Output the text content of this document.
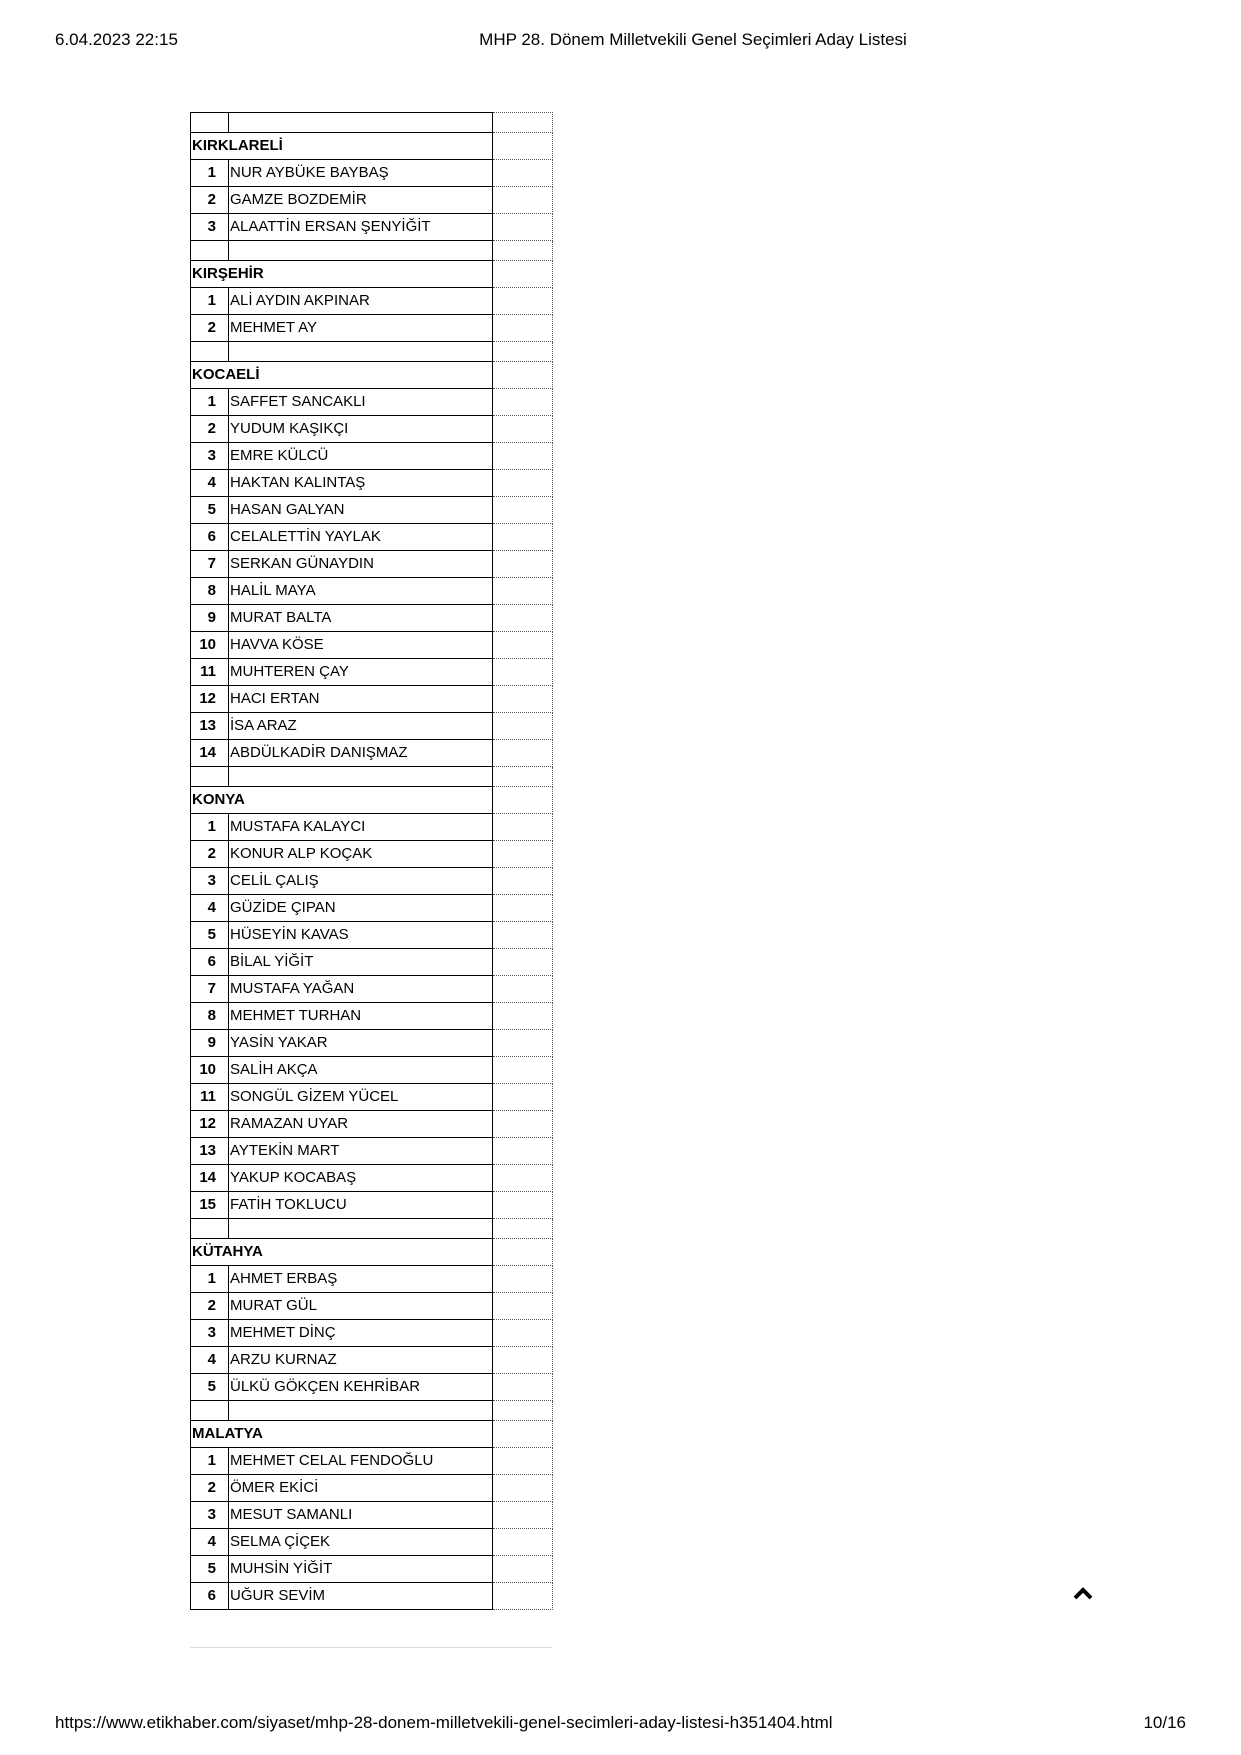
6.04.2023 22:15	MHP 28. Dönem Milletvekili Genel Seçimleri Aday Listesi

KIRKLARELİ		
1	NUR AYBÜKE BAYBAŞ	
2	GAMZE BOZDEMİR	
3	ALAATTİN ERSAN ŞENYİĞİT	

KIRŞEHİR		
1	ALİ AYDIN AKPINAR	
2	MEHMET AY	

KOCAELİ		
1	SAFFET SANCAKLI	
2	YUDUM KAŞIKÇI	
3	EMRE KÜLCÜ	
4	HAKTAN KALINTAŞ	
5	HASAN GALYAN	
6	CELALETTİN YAYLAK	
7	SERKAN GÜNAYDIN	
8	HALİL MAYA	
9	MURAT BALTA	
10	HAVVA KÖSE	
11	MUHTEREN ÇAY	
12	HACI ERTAN	
13	İSA ARAZ	
14	ABDÜLKADİR DANIŞMAZ	

KONYA		
1	MUSTAFA KALAYCI	
2	KONUR ALP KOÇAK	
3	CELİL ÇALIŞ	
4	GÜZİDE ÇIPAN	
5	HÜSEYİN KAVAS	
6	BİLAL YİĞİT	
7	MUSTAFA YAĞAN	
8	MEHMET TURHAN	
9	YASİN YAKAR	
10	SALİH AKÇA	
11	SONGÜL GİZEM YÜCEL	
12	RAMAZAN UYAR	
13	AYTEKİN MART	
14	YAKUP KOCABAŞ	
15	FATİH TOKLUCU	

KÜTAHYA		
1	AHMET ERBAŞ	
2	MURAT GÜL	
3	MEHMET DİNÇ	
4	ARZU KURNAZ	
5	ÜLKÜ GÖKÇEN KEHRİBAR	

MALATYA		
1	MEHMET CELAL FENDOĞLU	
2	ÖMER EKİCİ	
3	MESUT SAMANLI	
4	SELMA ÇİÇEK	
5	MUHSİN YİĞİT	
6	UĞUR SEVİM	
https://www.etikhaber.com/siyaset/mhp-28-donem-milletvekili-genel-secimleri-aday-listesi-h351404.html	10/16
